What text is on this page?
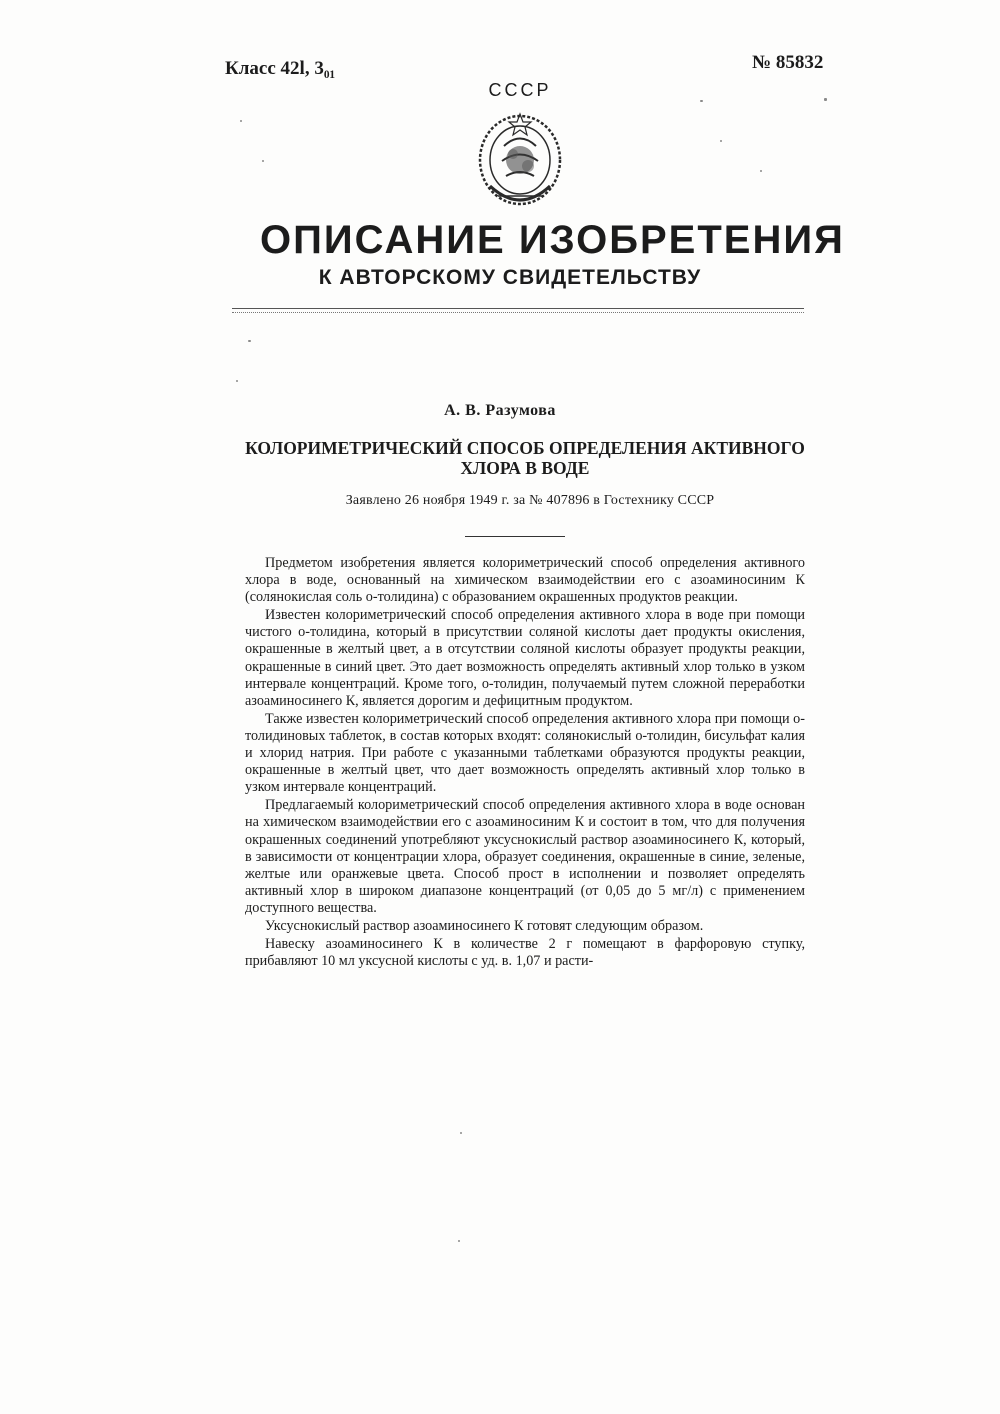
Класс 42l, 3₀₁	№ 85832
СССР
ОПИСАНИЕ ИЗОБРЕТЕНИЯ
К АВТОРСКОМУ СВИДЕТЕЛЬСТВУ
А. В. Разумова
КОЛОРИМЕТРИЧЕСКИЙ СПОСОБ ОПРЕДЕЛЕНИЯ АКТИВНОГО ХЛОРА В ВОДЕ
Заявлено 26 ноября 1949 г. за № 407896 в Гостехнику СССР

Предметом изобретения является колориметрический способ определения активного хлора в воде, основанный на химическом взаимодействии его с азоаминосиним К (солянокислая соль о-толидина) с образованием окрашенных продуктов реакции.

Известен колориметрический способ определения активного хлора в воде при помощи чистого о-толидина, который в присутствии соляной кислоты дает продукты окисления, окрашенные в желтый цвет, а в отсутствии соляной кислоты образует продукты реакции, окрашенные в синий цвет. Это дает возможность определять активный хлор только в узком интервале концентраций. Кроме того, о-толидин, получаемый путем сложной переработки азоаминосинего К, является дорогим и дефицитным продуктом.

Также известен колориметрический способ определения активного хлора при помощи о-толидиновых таблеток, в состав которых входят: солянокислый о-толидин, бисульфат калия и хлорид натрия. При работе с указанными таблетками образуются продукты реакции, окрашенные в желтый цвет, что дает возможность определять активный хлор только в узком интервале концентраций.

Предлагаемый колориметрический способ определения активного хлора в воде основан на химическом взаимодействии его с азоаминосиним К и состоит в том, что для получения окрашенных соединений употребляют уксуснокислый раствор азоаминосинего К, который, в зависимости от концентрации хлора, образует соединения, окрашенные в синие, зеленые, желтые или оранжевые цвета. Способ прост в исполнении и позволяет определять активный хлор в широком диапазоне концентраций (от 0,05 до 5 мг/л) с применением доступного вещества.

Уксуснокислый раствор азоаминосинего К готовят следующим образом.

Навеску азоаминосинего К в количестве 2 г помещают в фарфоровую ступку, прибавляют 10 мл уксусной кислоты с уд. в. 1,07 и расти-
